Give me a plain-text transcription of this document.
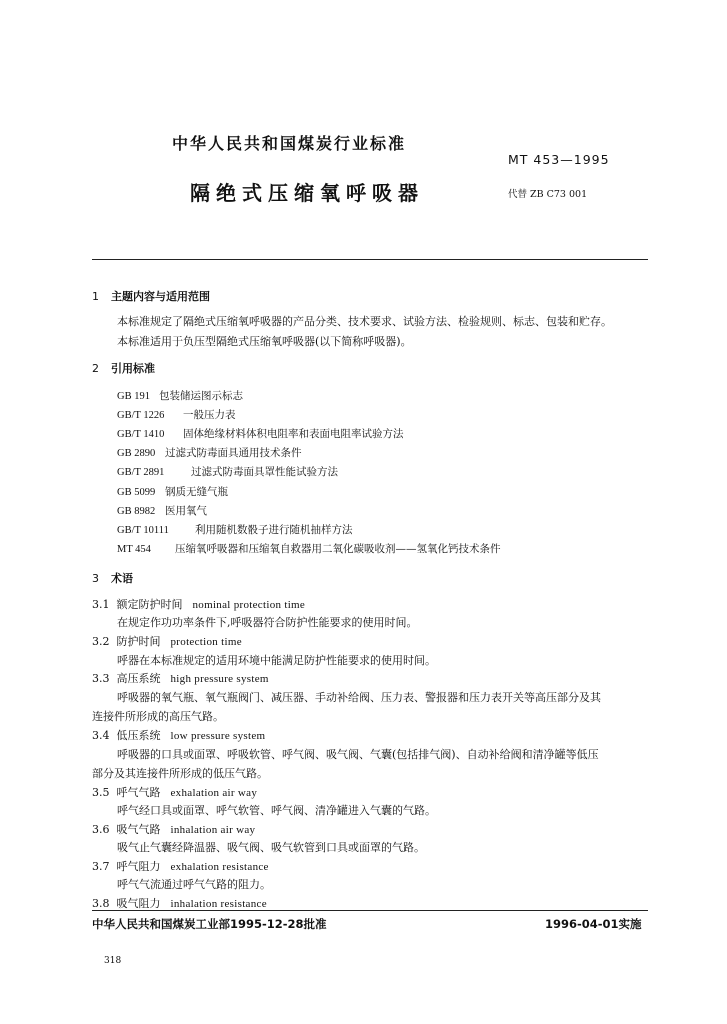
中华人民共和国煤炭行业标准
MT 453—1995
隔绝式压缩氧呼吸器	代替 ZB C73 001
1 主题内容与适用范围
本标准规定了隔绝式压缩氧呼吸器的产品分类、技术要求、试验方法、检验规则、标志、包装和贮存。
本标准适用于负压型隔绝式压缩氧呼吸器(以下简称呼吸器)。
2 引用标准
GB 191 包装储运图示标志
GB/T 1226 一般压力表
GB/T 1410 固体绝缘材料体积电阻率和表面电阻率试验方法
GB 2890 过滤式防毒面具通用技术条件
GB/T 2891	过滤式防毒面具罩性能试验方法
GB 5099 钢质无缝气瓶
GB 8982 医用氧气
GB/T 10111 利用随机数骰子进行随机抽样方法
MT 454 压缩氧呼吸器和压缩氧自救器用二氧化碳吸收剂——氢氧化钙技术条件
3 术语
3.1 额定防护时间 nominal protection time
在规定作功功率条件下,呼吸器符合防护性能要求的使用时间。
3.2 防护时间 protection time
呼器在本标准规定的适用环境中能满足防护性能要求的使用时间。
3.3 高压系统 high pressure system
呼吸器的氧气瓶、氧气瓶阀门、减压器、手动补给阀、压力表、警报器和压力表开关等高压部分及其
连接件所形成的高压气路。
3.4 低压系统 low pressure system
呼吸器的口具或面罩、呼吸软管、呼气阀、吸气阀、气囊(包括排气阀)、自动补给阀和清净罐等低压
部分及其连接件所形成的低压气路。
3.5 呼气气路 exhalation air way
呼气经口具或面罩、呼气软管、呼气阀、清净罐进入气囊的气路。
3.6 吸气气路 inhalation air way
吸气止气囊经降温器、吸气阀、吸气软管到口具或面罩的气路。
3.7 呼气阻力 exhalation resistance
呼气气流通过呼气气路的阻力。
3.8 吸气阻力 inhalation resistance
中华人民共和国煤炭工业部1995-12-28批准	1996-04-01实施
318
